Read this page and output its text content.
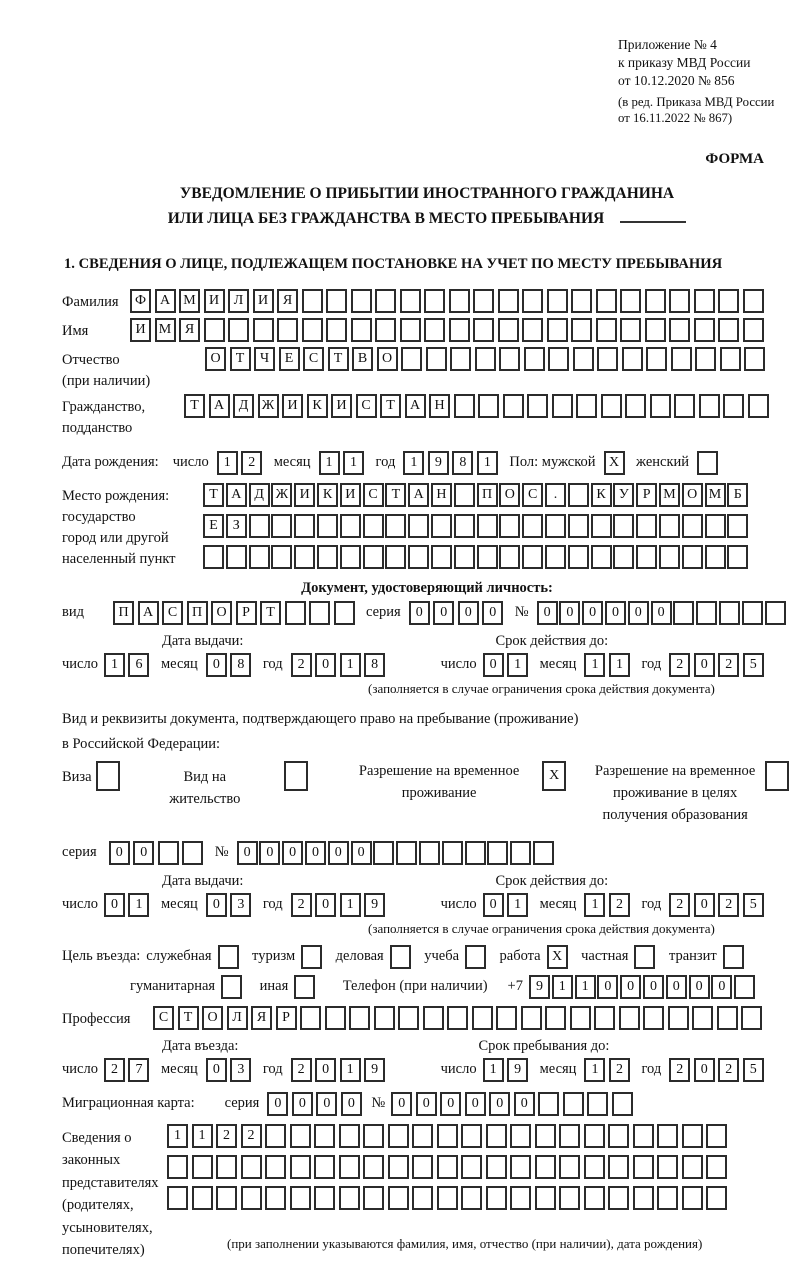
Приложение № 4
к приказу МВД России
от 10.12.2020 № 856
(в ред. Приказа МВД России
от 16.11.2022 № 867)
ФОРМА
УВЕДОМЛЕНИЕ О ПРИБЫТИИ ИНОСТРАННОГО ГРАЖДАНИНА
ИЛИ ЛИЦА БЕЗ ГРАЖДАНСТВА В МЕСТО ПРЕБЫВАНИЯ
1. СВЕДЕНИЯ О ЛИЦЕ, ПОДЛЕЖАЩЕМ ПОСТАНОВКЕ НА УЧЕТ ПО МЕСТУ ПРЕБЫВАНИЯ
Фамилия	Ф А М И	Л	И	Я
Имя	И М Я
Отчество
(при наличии)
О	Т	Ч	Е	С	Т	В	О
Гражданство,
подданство
Т	А	Д Ж И	К	И	С	Т	А	Н
Дата рождения: число	1	2	месяц	1	1	год	1	9	8	1	Пол: мужской X	женский
Место рождения:
государство
город или другой
населенный пункт
Т А Д Ж И К И С Т А Н	П О С	.	К У Р М О М Б
Е	З
Документ, удостоверяющий личность:
вид	П	А	С	П	О	Р	Т	серия	0	0	0	0	№	0	0	0	0	0	0
Дата выдачи:	Срок действия до:
число 1	6	месяц	0	8	год	2	0	1	8	число 0	1	месяц	1	1	год	2	0	2	5
(заполняется в случае ограничения срока действия документа)
Вид и реквизиты документа, подтверждающего право на пребывание (проживание)
в Российской Федерации:
Виза	Вид на жительство
Разрешение на временное
проживание
X	Разрешение на временное
проживание в целях
получения образования
серия	0	0	№	0	0	0	0	0	0
Дата выдачи:	Срок действия до:
число 0	1	месяц	0	3	год	2	0	1	9	число 0	1	месяц	1	2	год	2	0	2	5
(заполняется в случае ограничения срока действия документа)
Цель въезда: служебная	туризм	деловая	учеба	работа X	частная	транзит
гуманитарная	иная	Телефон (при наличии) +7 9	1	1	0	0	0	0	0	0
Профессия	С	Т	О	Л	Я	Р
Дата въезда:	Срок пребывания до:
число 2	7	месяц	0	3	год	2	0	1	9	число 1	9	месяц	1	2	год	2	0	2	5
Миграционная карта: серия	0	0	0	0	№ 0	0	0	0	0	0
Сведения о
законных
представителях
(родителях,
усыновителях,
попечителях)
1	1	2	2
(при заполнении указываются фамилия, имя, отчество (при наличии), дата рождения)
